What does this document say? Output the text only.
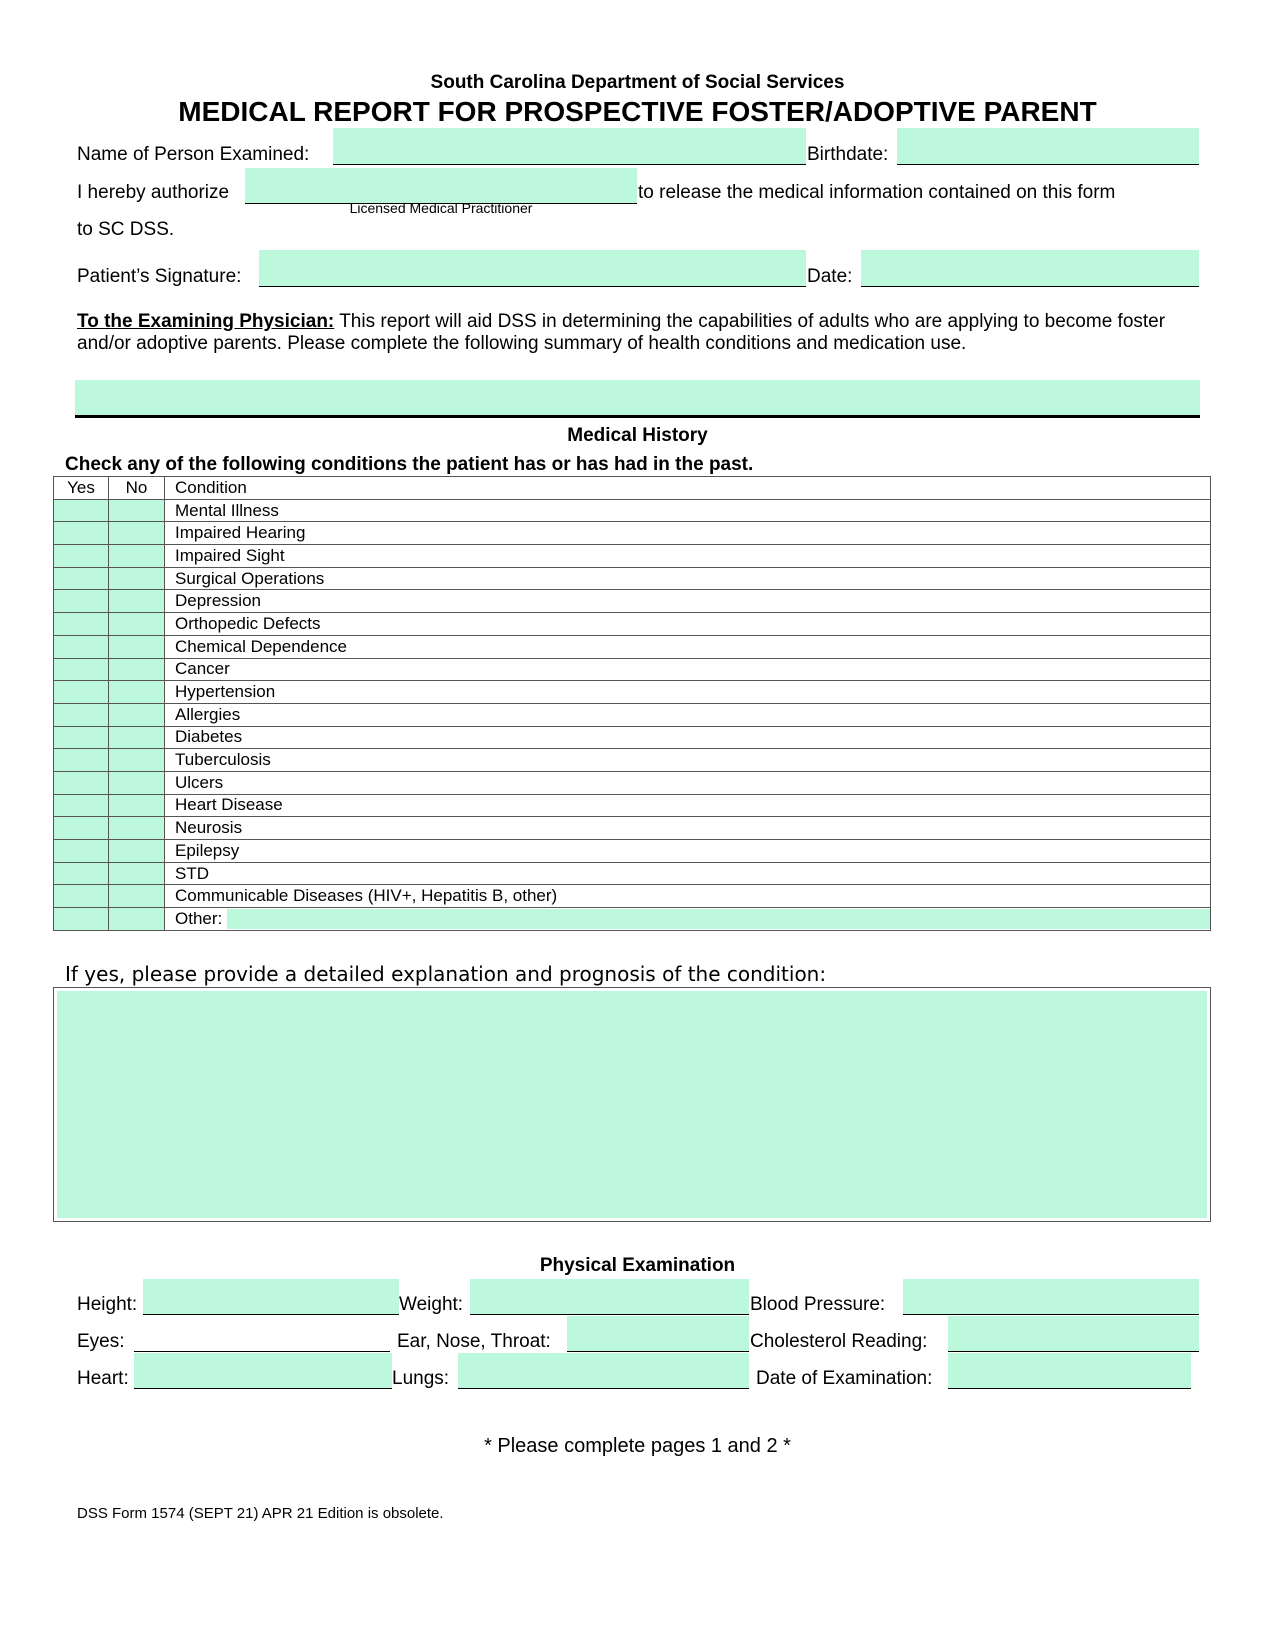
South Carolina Department of Social Services
MEDICAL REPORT FOR PROSPECTIVE FOSTER/ADOPTIVE PARENT
Name of Person Examined:	Birthdate:
I hereby authorize
Licensed Medical Practitioner
to release the medical information contained on this form
to SC DSS.
Patient’s Signature:	Date:
To the Examining Physician: This report will aid DSS in determining the capabilities of adults who are applying to become foster and/or adoptive parents. Please complete the following summary of health conditions and medication use.
Medical History
Check any of the following conditions the patient has or has had in the past.
Yes	No	Condition
		Mental Illness
		Impaired Hearing
		Impaired Sight
		Surgical Operations
		Depression
		Orthopedic Defects
		Chemical Dependence
		Cancer
		Hypertension
		Allergies
		Diabetes
		Tuberculosis
		Ulcers
		Heart Disease
		Neurosis
		Epilepsy
		STD
		Communicable Diseases (HIV+, Hepatitis B, other)
		Other:
If yes, please provide a detailed explanation and prognosis of the condition:
Physical Examination
Height:	Weight:	Blood Pressure:
Eyes:	Ear, Nose, Throat:	Cholesterol Reading:
Heart:	Lungs:	Date of Examination:
* Please complete pages 1 and 2 *
DSS Form 1574 (SEPT 21) APR 21 Edition is obsolete.
